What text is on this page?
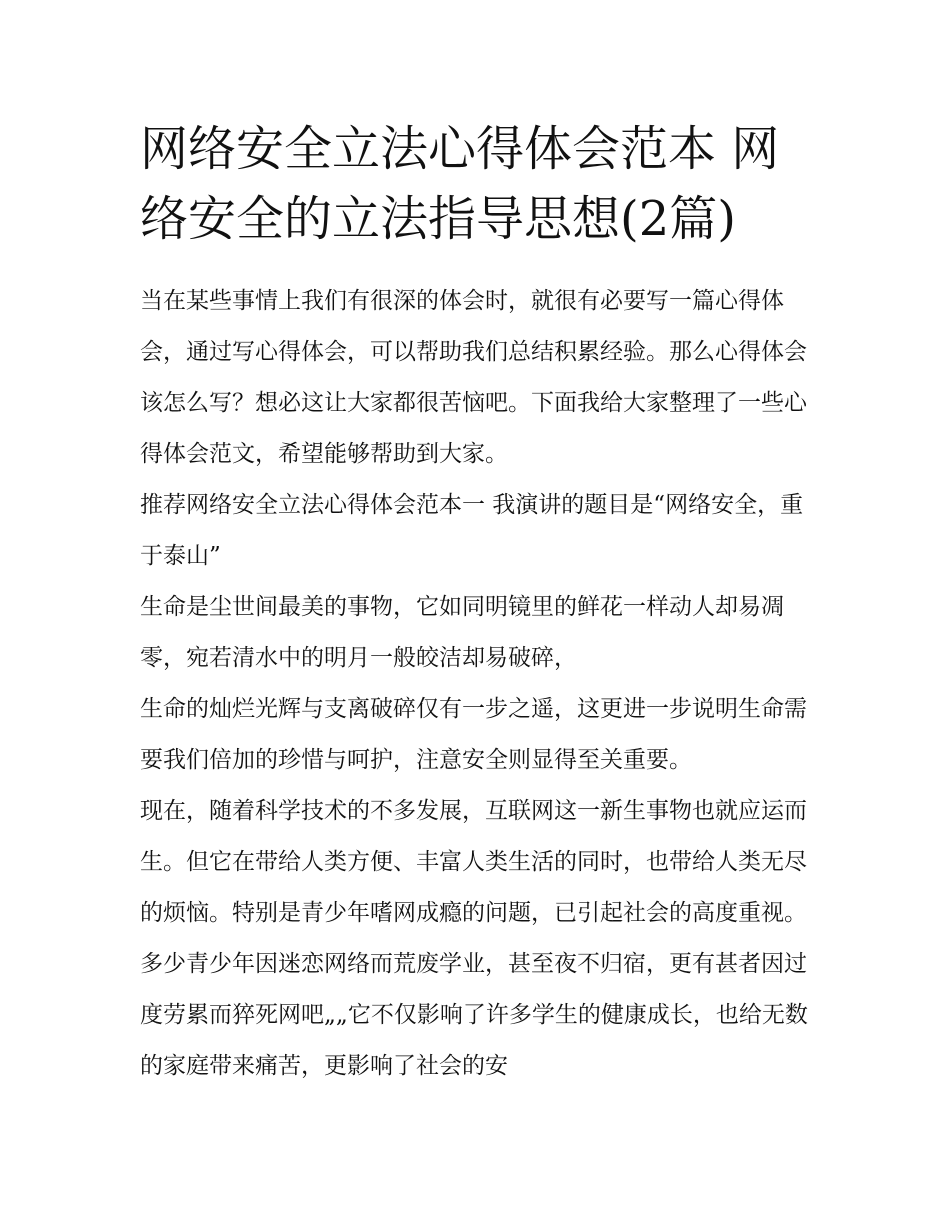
网络安全立法心得体会范本 网络安全的立法指导思想(2篇)

当在某些事情上我们有很深的体会时，就很有必要写一篇心得体会，通过写心得体会，可以帮助我们总结积累经验。那么心得体会该怎么写？想必这让大家都很苦恼吧。下面我给大家整理了一些心得体会范文，希望能够帮助到大家。

推荐网络安全立法心得体会范本一 我演讲的题目是“网络安全，重于泰山”

生命是尘世间最美的事物，它如同明镜里的鲜花一样动人却易凋零，宛若清水中的明月一般皎洁却易破碎，

生命的灿烂光辉与支离破碎仅有一步之遥，这更进一步说明生命需要我们倍加的珍惜与呵护，注意安全则显得至关重要。

现在，随着科学技术的不多发展，互联网这一新生事物也就应运而生。但它在带给人类方便、丰富人类生活的同时，也带给人类无尽的烦恼。特别是青少年嗜网成瘾的问题，已引起社会的高度重视。多少青少年因迷恋网络而荒废学业，甚至夜不归宿，更有甚者因过度劳累而猝死网吧„„它不仅影响了许多学生的健康成长，也给无数的家庭带来痛苦，更影响了社会的安
